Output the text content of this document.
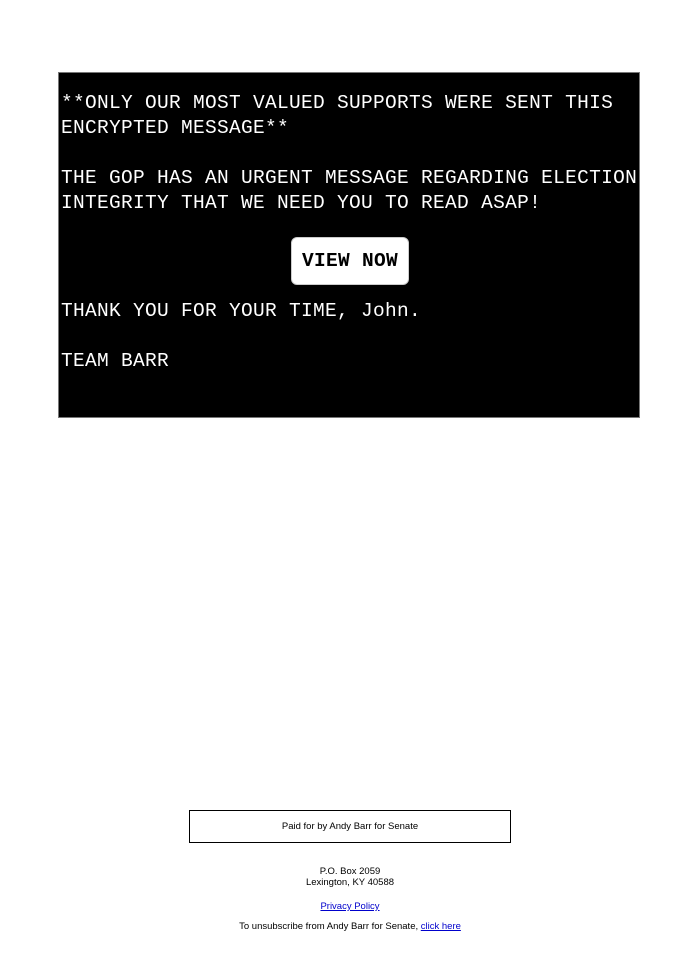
**ONLY OUR MOST VALUED SUPPORTS WERE SENT THIS ENCRYPTED MESSAGE**

THE GOP HAS AN URGENT MESSAGE REGARDING ELECTION INTEGRITY THAT WE NEED YOU TO READ ASAP!

VIEW NOW

THANK YOU FOR YOUR TIME, John.

TEAM BARR

Paid for by Andy Barr for Senate
P.O. Box 2059
Lexington, KY 40588
Privacy Policy
To unsubscribe from Andy Barr for Senate, click here
